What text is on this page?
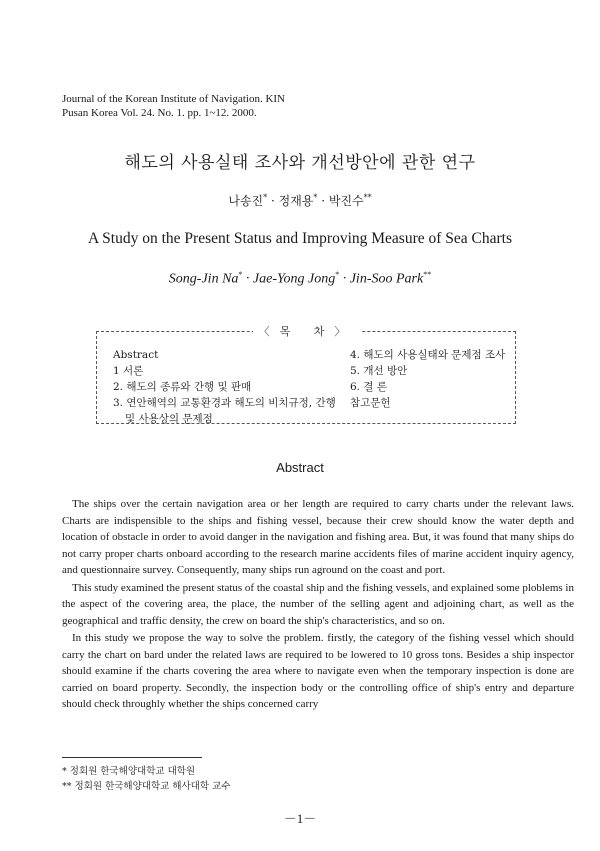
Journal of the Korean Institute of Navigation. KIN
Pusan Korea Vol. 24. No. 1. pp. 1~12. 2000.
해도의 사용실태 조사와 개선방안에 관한 연구
나송진* · 정재용* · 박진수**
A Study on the Present Status and Improving Measure of Sea Charts
Song-Jin Na* · Jae-Yong Jong* · Jin-Soo Park**
〈목 차〉
Abstract
1 서론
2. 해도의 종류와 간행 및 판매
3. 연안해역의 교통환경과 해도의 비치규정, 간행
및 사용상의 문제점
4. 해도의 사용실태와 문제점 조사
5. 개선 방안
6. 결 론
참고문헌
Abstract

The ships over the certain navigation area or her length are required to carry charts under the relevant laws. Charts are indispensible to the ships and fishing vessel, because their crew should know the water depth and location of obstacle in order to avoid danger in the navigation and fishing area. But, it was found that many ships do not carry proper charts onboard according to the research marine accidents files of marine accident inquiry agency, and questionnaire survey. Consequently, many ships run aground on the coast and port.

This study examined the present status of the coastal ship and the fishing vessels, and explained some ploblems in the aspect of the covering area, the place, the number of the selling agent and adjoining chart, as well as the geographical and traffic density, the crew on board the ship's characteristics, and so on.

In this study we propose the way to solve the problem. firstly, the category of the fishing vessel which should carry the chart on bard under the related laws are required to be lowered to 10 gross tons. Besides a ship inspector should examine if the charts covering the area where to navigate even when the temporary inspection is done are carried on board property. Secondly, the inspection body or the controlling office of ship's entry and departure should check throughly whether the ships concerned carry

* 정회원 한국해양대학교 대학원
** 정회원 한국해양대학교 해사대학 교수
－1－
